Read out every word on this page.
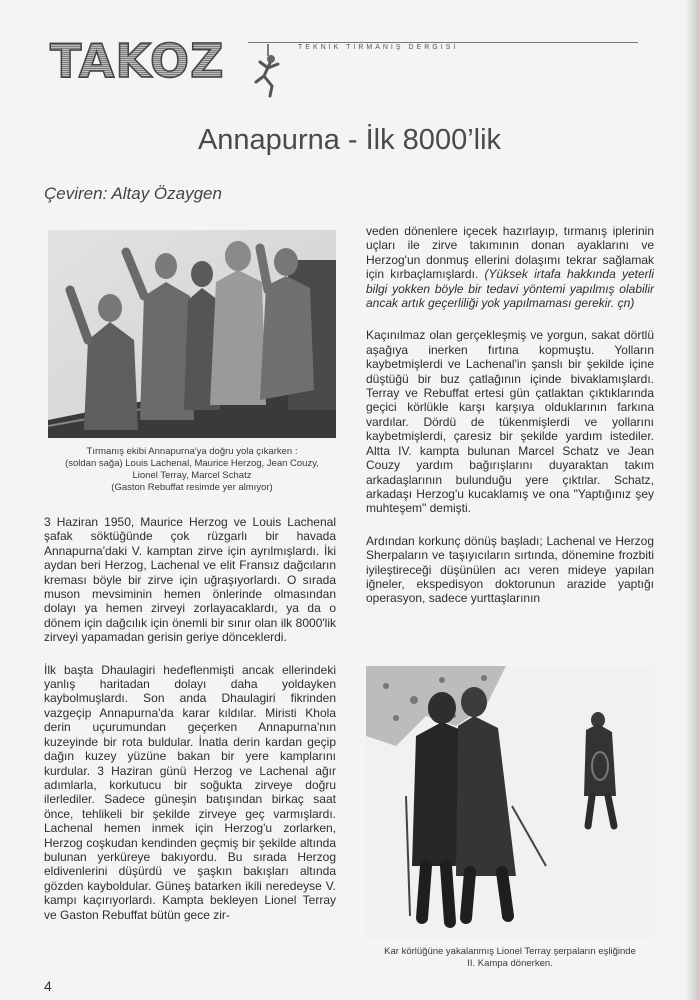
TAKOZ	TEKNİK TIRMANIŞ DERGİSİ
Annapurna - İlk 8000’lik
Çeviren: Altay Özaygen
Tırmanış ekibi Annapurna'ya doğru yola çıkarken :
(soldan sağa) Louis Lachenal, Maurice Herzog, Jean Couzy,
Lionel Terray, Marcel Schatz
(Gaston Rebuffat resimde yer almıyor)

3 Haziran 1950, Maurice Herzog ve Louis Lachenal şafak söktüğünde çok rüzgarlı bir havada Annapurna'daki V. kamptan zirve için ayrılmışlardı. İki aydan beri Herzog, Lachenal ve elit Fransız dağcıların kreması böyle bir zirve için uğraşıyorlardı. O sırada muson mevsiminin hemen önlerinde olmasından dolayı ya hemen zirveyi zorlayacaklardı, ya da o dönem için dağcılık için önemli bir sınır olan ilk 8000'lik zirveyi yapamadan gerisin geriye dönceklerdi.

İlk başta Dhaulagiri hedeflenmişti ancak ellerindeki yanlış haritadan dolayı daha yoldayken kaybolmuşlardı. Son anda Dhaulagiri fikrinden vazgeçip Annapurna'da karar kıldılar. Miristi Khola derin uçurumundan geçerken Annapurna'nın kuzeyinde bir rota buldular. İnatla derin kardan geçip dağın kuzey yüzüne bakan bir yere kamplarını kurdular. 3 Haziran günü Herzog ve Lachenal ağır adımlarla, korkutucu bir soğukta zirveye doğru ilerlediler. Sadece güneşin batışından birkaç saat önce, tehlikeli bir şekilde zirveye geç varmışlardı. Lachenal hemen inmek için Herzog'u zorlarken, Herzog coşkudan kendinden geçmiş bir şekilde altında bulunan yerküreye bakıyordu. Bu sırada Herzog eldivenlerini düşürdü ve şaşkın bakışları altında gözden kayboldular. Güneş batarken ikili neredeyse V. kampı kaçırıyorlardı. Kampta bekleyen Lionel Terray ve Gaston Rebuffat bütün gece zir-

veden dönenlere içecek hazırlayıp, tırmanış iplerinin uçları ile zirve takımının donan ayaklarını ve Herzog'un donmuş ellerini dolaşımı tekrar sağlamak için kırbaçlamışlardı. (Yüksek irtafa hakkında yeterli bilgi yokken böyle bir tedavi yöntemi yapılmış olabilir ancak artık geçerliliği yok yapılmaması gerekir. çn)

Kaçınılmaz olan gerçekleşmiş ve yorgun, sakat dörtlü aşağıya inerken fırtına kopmuştu. Yolların kaybetmişlerdi ve Lachenal'in şanslı bir şekilde içine düştüğü bir buz çatlağının içinde bivaklamışlardı. Terray ve Rebuffat ertesi gün çatlaktan çıktıklarında geçici körlükle karşı karşıya olduklarının farkına vardılar. Dördü de tükenmişlerdi ve yollarını kaybetmişlerdi, çaresiz bir şekilde yardım istediler. Altta IV. kampta bulunan Marcel Schatz ve Jean Couzy yardım bağırışlarını duyaraktan takım arkadaşlarının bulunduğu yere çıktılar. Schatz, arkadaşı Herzog'u kucaklamış ve ona "Yaptığınız şey muhteşem" demişti.

Ardından korkunç dönüş başladı; Lachenal ve Herzog Sherpaların ve taşıyıcıların sırtında, dönemine frozbiti iyileştireceği düşünülen acı veren mideye yapılan iğneler, ekspedisyon doktorunun arazide yaptığı operasyon, sadece yurttaşlarının

Kar körlüğüne yakalanmış Lionel Terray şerpaların eşliğinde
II. Kampa dönerken.
4
